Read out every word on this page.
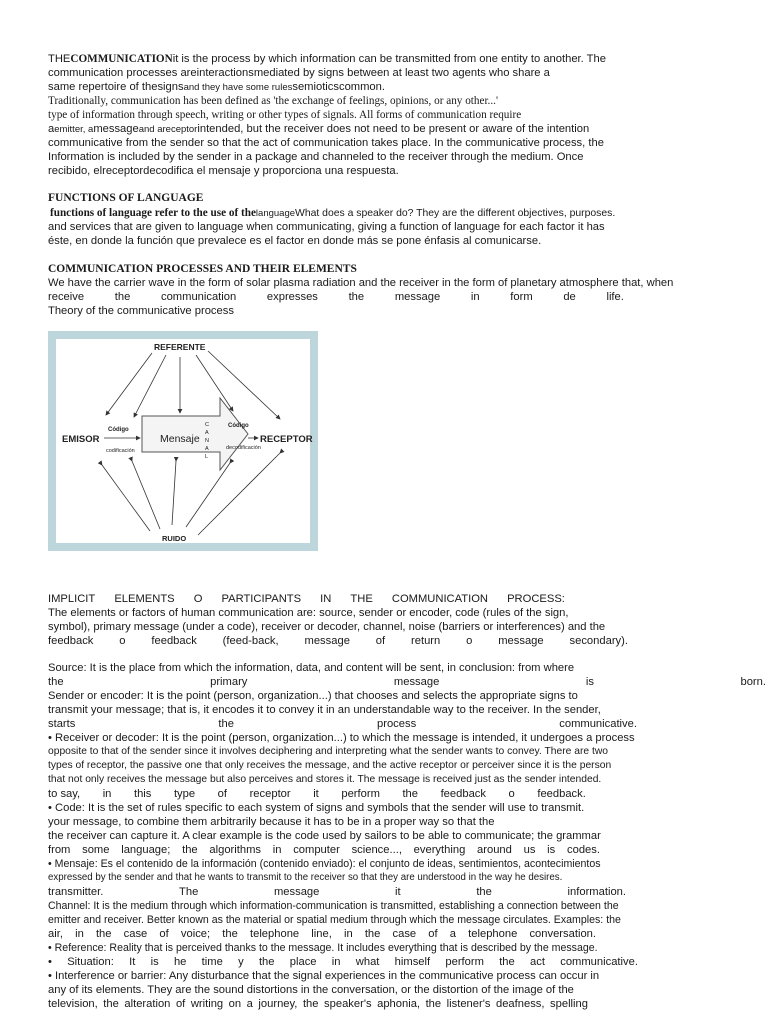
THECOMMUNICATIONit is the process by which information can be transmitted from one entity to another. The
communication processes areinteractionsmediated by signs between at least two agents who share a
same repertoire of thesignsand they have some rulessemioticscommon.
Traditionally, communication has been defined as 'the exchange of feelings, opinions, or any other...'
type of information through speech, writing or other types of signals. All forms of communication require
aemitter, amessageand areceptorintended, but the receiver does not need to be present or aware of the intention
communicative from the sender so that the act of communication takes place. In the communicative process, the
Information is included by the sender in a package and channeled to the receiver through the medium. Once
recibido, elreceptordecodifica el mensaje y proporciona una respuesta.
FUNCTIONS OF LANGUAGE
functions of language refer to the use of thelanguageWhat does a speaker do? They are the different objectives, purposes.
and services that are given to language when communicating, giving a function of language for each factor it has
éste, en donde la función que prevalece es el factor en donde más se pone énfasis al comunicarse.
COMMUNICATION PROCESSES AND THEIR ELEMENTS
We have the carrier wave in the form of solar plasma radiation and the receiver in the form of planetary atmosphere that, when
receive	the	communication	expresses	the	message	in	form	de	life.
Theory of the communicative process
REFERENTE
EMISOR	RECEPTOR
Mensaje
C
A
N
A
L
Código
codificación
Código
decodificación
RUIDO
IMPLICIT ELEMENTS O PARTICIPANTS IN THE COMMUNICATION PROCESS:
The elements or factors of human communication are: source, sender or encoder, code (rules of the sign,
symbol), primary message (under a code), receiver or decoder, channel, noise (barriers or interferences) and the
feedback o feedback (feed-back, message of return o message secondary).
Source: It is the place from which the information, data, and content will be sent, in conclusion: from where
the	primary	message	is	born.
Sender or encoder: It is the point (person, organization...) that chooses and selects the appropriate signs to
transmit your message; that is, it encodes it to convey it in an understandable way to the receiver. In the sender,
starts	the	process	communicative.
• Receiver or decoder: It is the point (person, organization...) to which the message is intended, it undergoes a process
opposite to that of the sender since it involves deciphering and interpreting what the sender wants to convey. There are two
types of receptor, the passive one that only receives the message, and the active receptor or perceiver since it is the person
that not only receives the message but also perceives and stores it. The message is received just as the sender intended.
to say, in this type of receptor it perform the feedback o feedback.
• Code: It is the set of rules specific to each system of signs and symbols that the sender will use to transmit.
your message, to combine them arbitrarily because it has to be in a proper way so that the
the receiver can capture it. A clear example is the code used by sailors to be able to communicate; the grammar
from some language; the algorithms in computer science..., everything around us is codes.
• Mensaje: Es el contenido de la información (contenido enviado): el conjunto de ideas, sentimientos, acontecimientos
expressed by the sender and that he wants to transmit to the receiver so that they are understood in the way he desires.
transmitter.	The	message	it	the	information.
Channel: It is the medium through which information-communication is transmitted, establishing a connection between the
emitter and receiver. Better known as the material or spatial medium through which the message circulates. Examples: the
air, in the case of voice; the telephone line, in the case of a telephone conversation.
• Reference: Reality that is perceived thanks to the message. It includes everything that is described by the message.
• Situation: It is he time y the place in what himself perform the act communicative.
• Interference or barrier: Any disturbance that the signal experiences in the communicative process can occur in
any of its elements. They are the sound distortions in the conversation, or the distortion of the image of the
television, the alteration of writing on a journey, the speaker's aphonia, the listener's deafness, spelling
